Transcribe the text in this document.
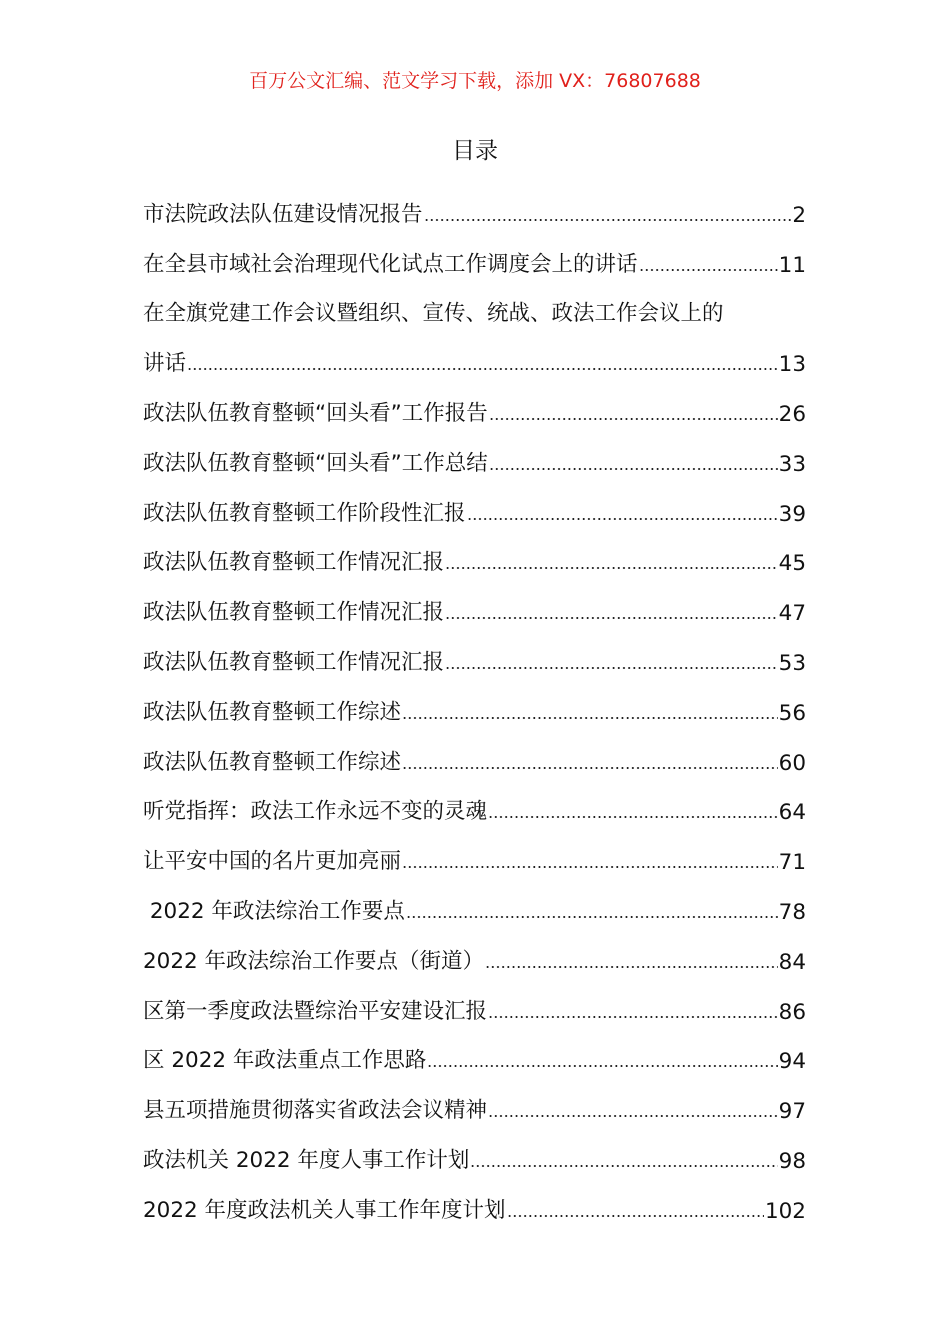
百万公文汇编、范文学习下载，添加 VX：76807688
目录
市法院政法队伍建设情况报告	2
在全县市域社会治理现代化试点工作调度会上的讲话	11
在全旗党建工作会议暨组织、宣传、统战、政法工作会议上的
讲话	13
政法队伍教育整顿“回头看”工作报告	26
政法队伍教育整顿“回头看”工作总结	33
政法队伍教育整顿工作阶段性汇报	39
政法队伍教育整顿工作情况汇报	45
政法队伍教育整顿工作情况汇报	47
政法队伍教育整顿工作情况汇报	53
政法队伍教育整顿工作综述	56
政法队伍教育整顿工作综述	60
听党指挥：政法工作永远不变的灵魂	64
让平安中国的名片更加亮丽	71
2022 年政法综治工作要点	78
2022 年政法综治工作要点（街道）	84
区第一季度政法暨综治平安建设汇报	86
区 2022 年政法重点工作思路	94
县五项措施贯彻落实省政法会议精神	97
政法机关 2022 年度人事工作计划	98
2022 年度政法机关人事工作年度计划	102
